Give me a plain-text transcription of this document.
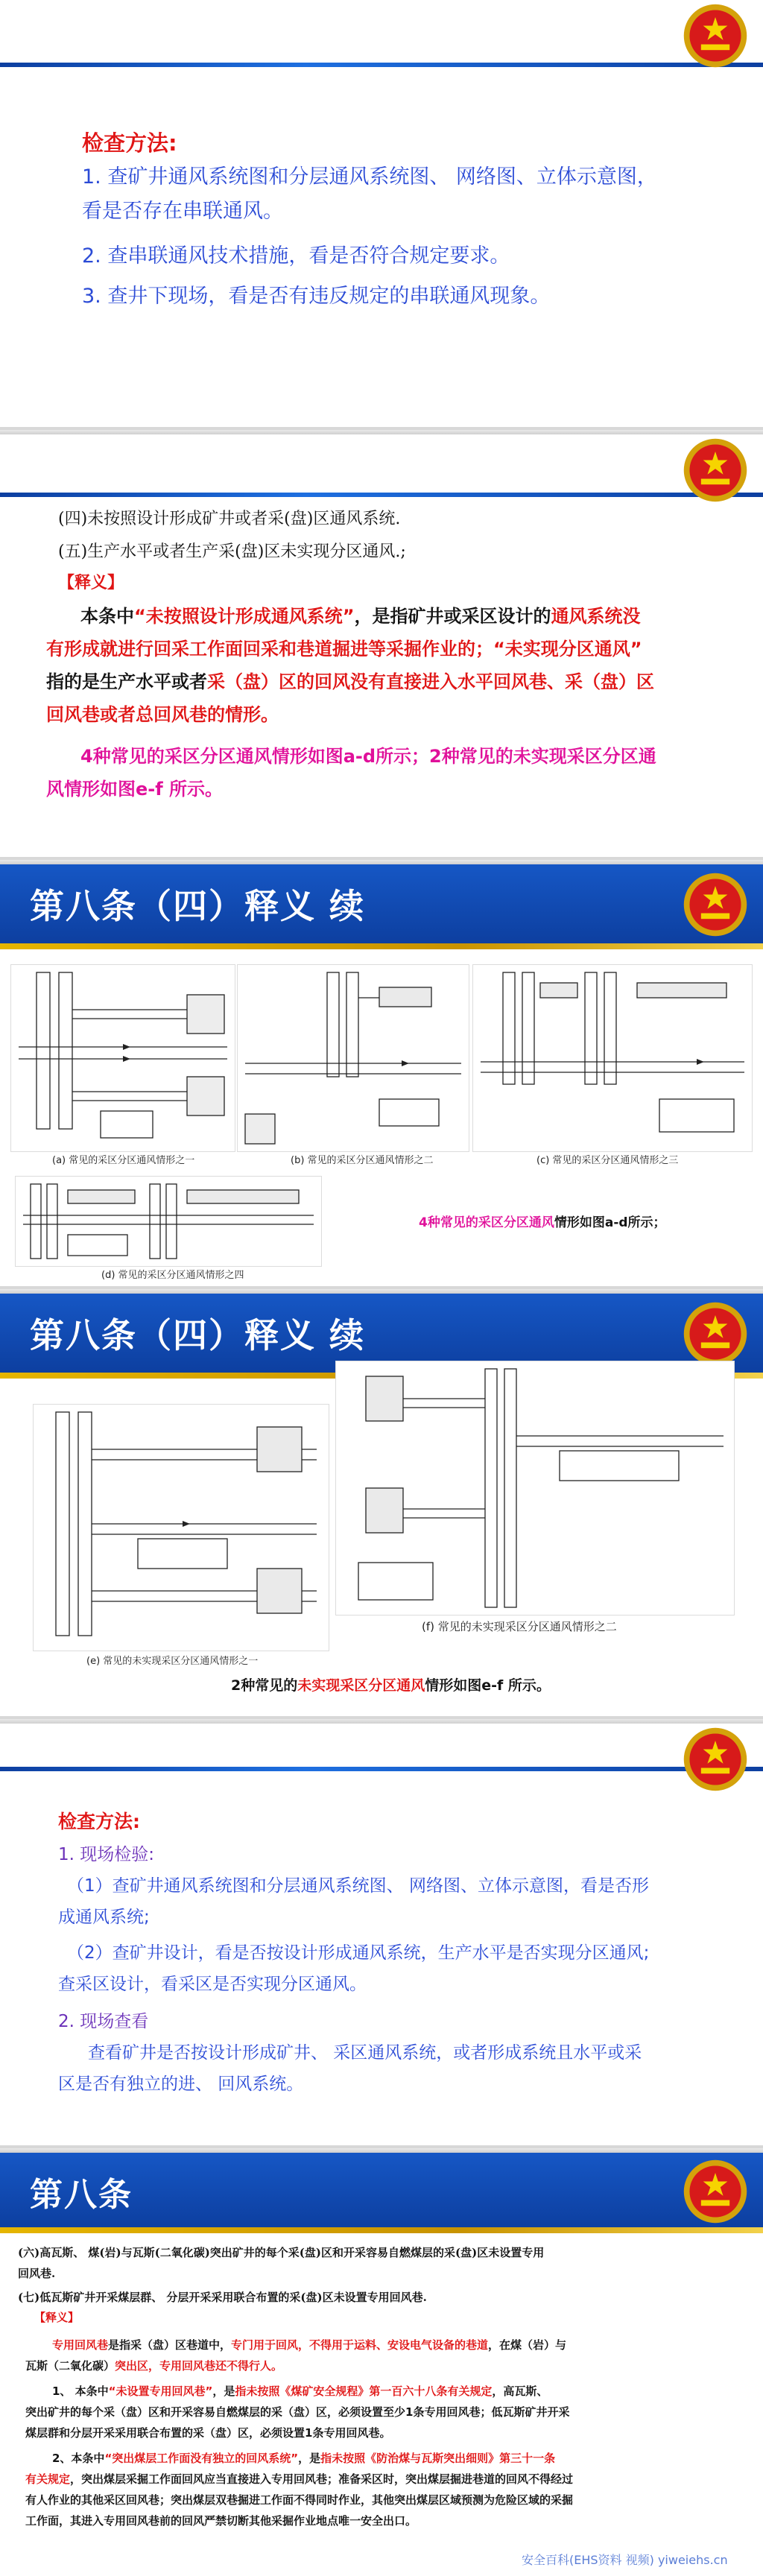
检查方法:
1. 查矿井通风系统图和分层通风系统图、 网络图、立体示意图，
看是否存在串联通风。
2. 查串联通风技术措施，看是否符合规定要求。
3. 查井下现场，看是否有违反规定的串联通风现象。
(四)未按照设计形成矿井或者采(盘)区通风系统.
(五)生产水平或者生产采(盘)区未实现分区通风.;
【释义】
本条中“未按照设计形成通风系统”，是指矿井或采区设计的通风系统没
有形成就进行回采工作面回采和巷道掘进等采掘作业的；“未实现分区通风”
指的是生产水平或者采（盘）区的回风没有直接进入水平回风巷、采（盘）区
回风巷或者总回风巷的情形。
4种常见的采区分区通风情形如图a-d所示；2种常见的未实现采区分区通
风情形如图e-f 所示。
第八条（四）释义 续
(a) 常见的采区分区通风情形之一	(b) 常见的采区分区通风情形之二	(c) 常见的采区分区通风情形之三
(d) 常见的采区分区通风情形之四
4种常见的采区分区通风情形如图a-d所示；
第八条（四）释义 续
(e) 常见的未实现采区分区通风情形之一
(f) 常见的未实现采区分区通风情形之二
2种常见的未实现采区分区通风情形如图e-f 所示。
检查方法:
1. 现场检验:
（1）查矿井通风系统图和分层通风系统图、 网络图、立体示意图，看是否形
成通风系统;
（2）查矿井设计，看是否按设计形成通风系统，生产水平是否实现分区通风;
查采区设计，看采区是否实现分区通风。
2. 现场查看
查看矿井是否按设计形成矿井、 采区通风系统，或者形成系统且水平或采
区是否有独立的进、 回风系统。
第八条
(六)高瓦斯、 煤(岩)与瓦斯(二氧化碳)突出矿井的每个采(盘)区和开采容易自燃煤层的采(盘)区未设置专用
回风巷.
(七)低瓦斯矿井开采煤层群、 分层开采采用联合布置的采(盘)区未设置专用回风巷.
【释义】
专用回风巷是指采（盘）区巷道中，专门用于回风，不得用于运料、安设电气设备的巷道，在煤（岩）与
瓦斯（二氧化碳）突出区，专用回风巷还不得行人。
1、 本条中“未设置专用回风巷”，是指未按照《煤矿安全规程》第一百六十八条有关规定，高瓦斯、
突出矿井的每个采（盘）区和开采容易自燃煤层的采（盘）区，必须设置至少1条专用回风巷；低瓦斯矿井开采
煤层群和分层开采采用联合布置的采（盘）区，必须设置1条专用回风巷。
2、本条中“突出煤层工作面没有独立的回风系统”，是指未按照《防治煤与瓦斯突出细则》第三十一条
有关规定，突出煤层采掘工作面回风应当直接进入专用回风巷；准备采区时，突出煤层掘进巷道的回风不得经过
有人作业的其他采区回风巷；突出煤层双巷掘进工作面不得同时作业，其他突出煤层区域预测为危险区域的采掘
工作面，其进入专用回风巷前的回风严禁切断其他采掘作业地点唯一安全出口。
安全百科(EHS资料 视频) yiweiehs.cn
